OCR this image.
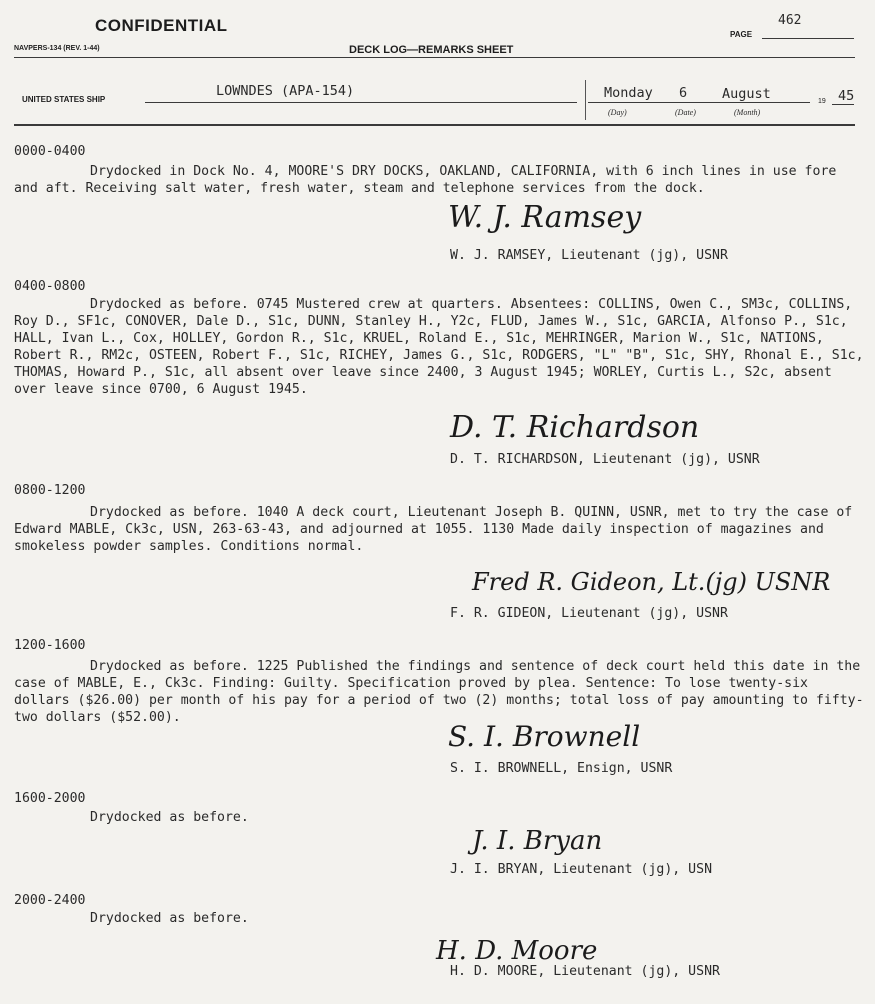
CONFIDENTIAL
NAVPERS-134 (REV. 1-44)	DECK LOG—REMARKS SHEET
PAGE
462
UNITED STATES SHIP
LOWNDES (APA-154)	Monday 6	August	19 45
(Day)	(Date)	(Month)
0000-0400

Drydocked in Dock No. 4, MOORE'S DRY DOCKS, OAKLAND, CALIFORNIA, with 6 inch lines in use fore and aft. Receiving salt water, fresh water, steam and telephone services from the dock.

W. J. Ramsey
W. J. RAMSEY, Lieutenant (jg), USNR
0400-0800

Drydocked as before. 0745 Mustered crew at quarters. Absentees: COLLINS, Owen C., SM3c, COLLINS, Roy D., SF1c, CONOVER, Dale D., S1c, DUNN, Stanley H., Y2c, FLUD, James W., S1c, GARCIA, Alfonso P., S1c, HALL, Ivan L., Cox, HOLLEY, Gordon R., S1c, KRUEL, Roland E., S1c, MEHRINGER, Marion W., S1c, NATIONS, Robert R., RM2c, OSTEEN, Robert F., S1c, RICHEY, James G., S1c, RODGERS, "L" "B", S1c, SHY, Rhonal E., S1c, THOMAS, Howard P., S1c, all absent over leave since 2400, 3 August 1945; WORLEY, Curtis L., S2c, absent over leave since 0700, 6 August 1945.

D. T. Richardson
D. T. RICHARDSON, Lieutenant (jg), USNR
0800-1200

Drydocked as before. 1040 A deck court, Lieutenant Joseph B. QUINN, USNR, met to try the case of Edward MABLE, Ck3c, USN, 263-63-43, and adjourned at 1055. 1130 Made daily inspection of magazines and smokeless powder samples. Conditions normal.

Fred R. Gideon, Lt.(jg) USNR
F. R. GIDEON, Lieutenant (jg), USNR
1200-1600

Drydocked as before. 1225 Published the findings and sentence of deck court held this date in the case of MABLE, E., Ck3c. Finding: Guilty. Specification proved by plea. Sentence: To lose twenty-six dollars ($26.00) per month of his pay for a period of two (2) months; total loss of pay amounting to fifty-two dollars ($52.00).

S. I. Brownell
S. I. BROWNELL, Ensign, USNR
1600-2000

Drydocked as before.

J. I. Bryan
J. I. BRYAN, Lieutenant (jg), USN
2000-2400

Drydocked as before.

H. D. Moore
H. D. MOORE, Lieutenant (jg), USNR
